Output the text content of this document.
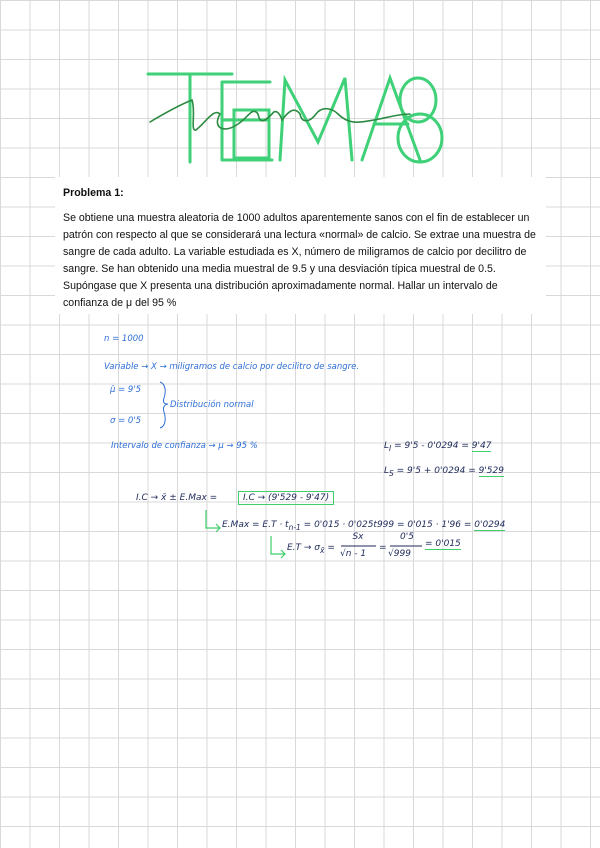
TEMA 8
tema

Problema 1:

Se obtiene una muestra aleatoria de 1000 adultos aparentemente sanos con el fin de establecer un patrón con respecto al que se considerará una lectura «normal» de calcio. Se extrae una muestra de sangre de cada adulto. La variable estudiada es X, número de miligramos de calcio por decilitro de sangre. Se han obtenido una media muestral de 9.5 y una desviación típica muestral de 0.5. Supóngase que X presenta una distribución aproximadamente normal. Hallar un intervalo de confianza de μ del 95 %

n = 1000
Variable → X → miligramos de calcio por decilitro de sangre.
μ̄ = 9'5
σ = 0'5
Distribución normal
Intervalo de confianza → μ → 95 %	$L_I = 9'5 - 0'0294 = 9'47$
$L_S = 9'5 + 0'0294 = 9'529$
I.C → x̄ ± E.Max =	I.C → (9'529 - 9'47)
$E.Max = E.T \cdot t_{n-1} = 0'015 \cdot 0'025t999 = 0'015 \cdot 1'96 = 0'0294$
$E.T \to \sigma_{x̄}$ =
Sx
√n - 1
=
0'5
√999
= 0'015
